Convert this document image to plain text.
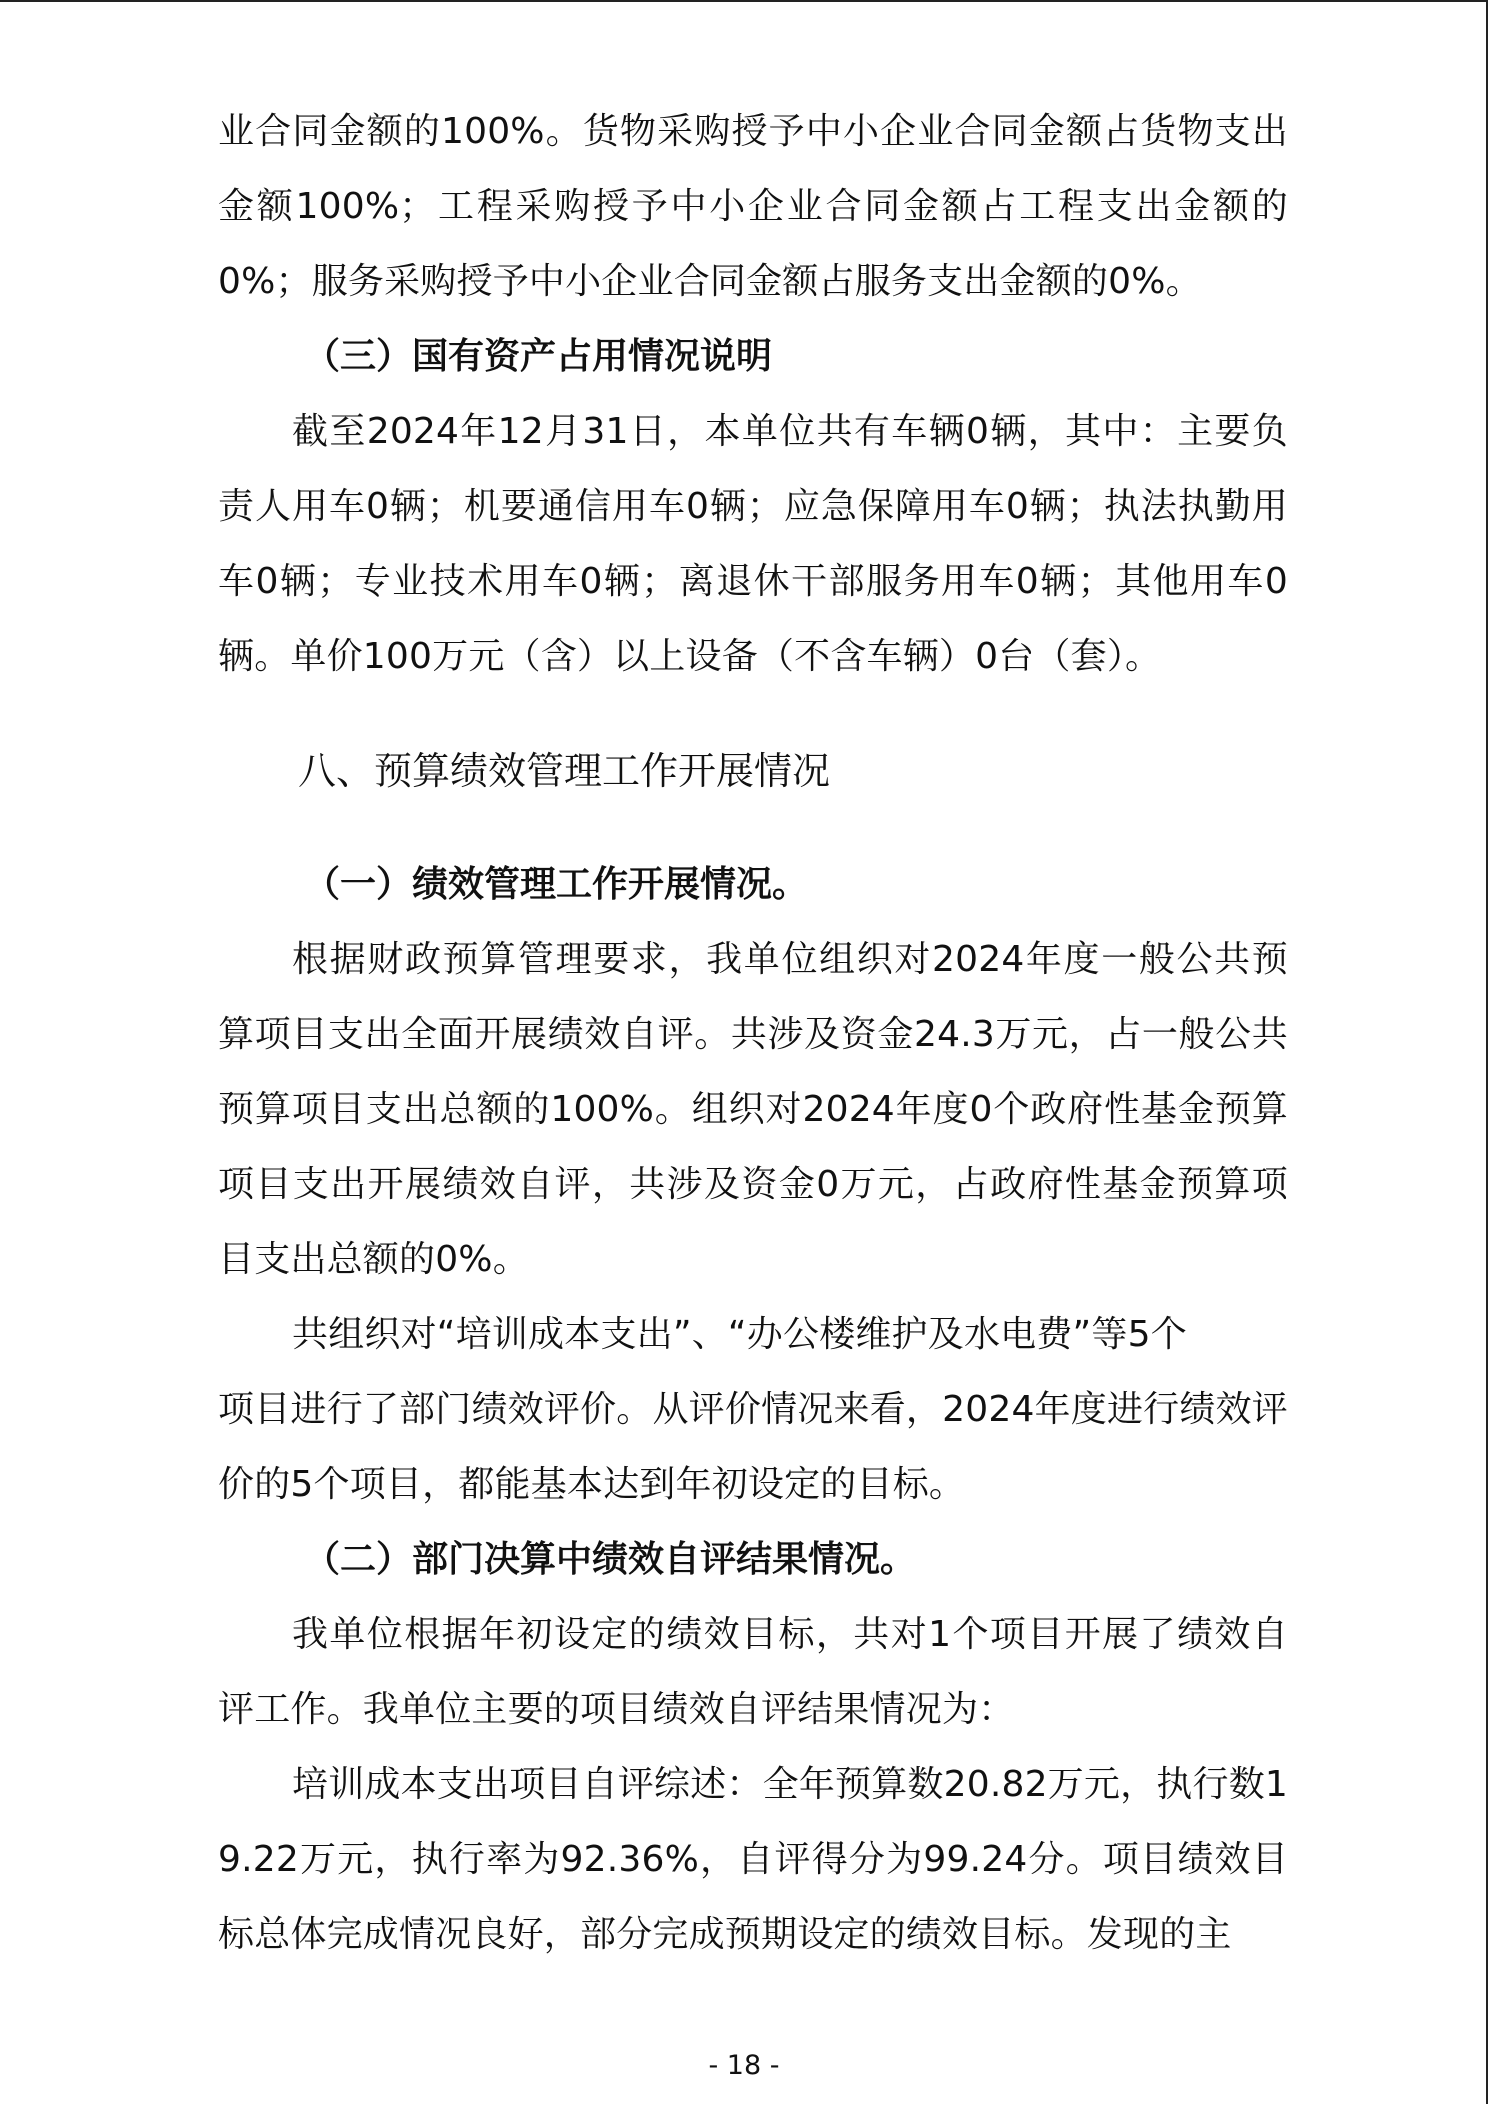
业合同金额的100%。货物采购授予中小企业合同金额占货物支出金额100%；工程采购授予中小企业合同金额占工程支出金额的0%；服务采购授予中小企业合同金额占服务支出金额的0%。

（三）国有资产占用情况说明

截至2024年12月31日，本单位共有车辆0辆，其中：主要负责人用车0辆；机要通信用车0辆；应急保障用车0辆；执法执勤用车0辆；专业技术用车0辆；离退休干部服务用车0辆；其他用车0辆。单价100万元（含）以上设备（不含车辆）0台（套）。

八、预算绩效管理工作开展情况

（一）绩效管理工作开展情况。

根据财政预算管理要求，我单位组织对2024年度一般公共预算项目支出全面开展绩效自评。共涉及资金24.3万元，占一般公共预算项目支出总额的100%。组织对2024年度0个政府性基金预算项目支出开展绩效自评，共涉及资金0万元，占政府性基金预算项目支出总额的0%。

共组织对“培训成本支出”、“办公楼维护及水电费”等5个

项目进行了部门绩效评价。从评价情况来看，2024年度进行绩效评价的5个项目，都能基本达到年初设定的目标。

（二）部门决算中绩效自评结果情况。

我单位根据年初设定的绩效目标，共对1个项目开展了绩效自评工作。我单位主要的项目绩效自评结果情况为：

培训成本支出项目自评综述：全年预算数20.82万元，执行数19.22万元，执行率为92.36%，自评得分为99.24分。项目绩效目标总体完成情况良好，部分完成预期设定的绩效目标。发现的主

- 18 -
